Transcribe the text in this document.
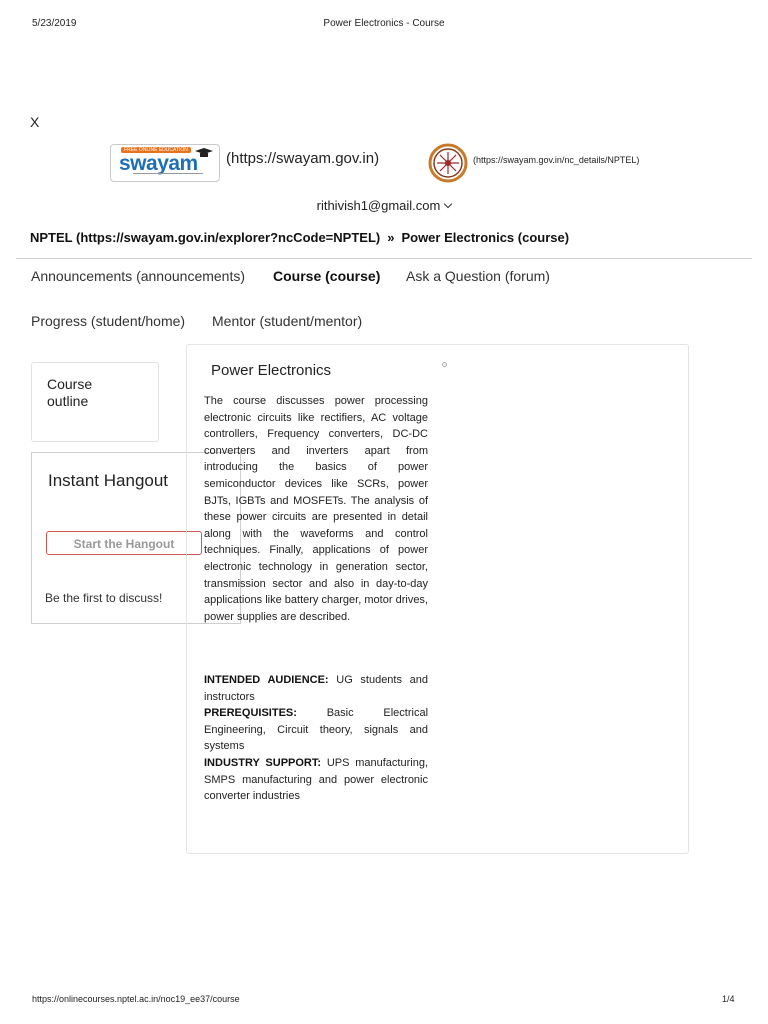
5/23/2019	Power Electronics - Course
X
FREE ONLINE EDUCATION
swayam (https://swayam.gov.in)	(https://swayam.gov.in/nc_details/NPTEL)
rithivish1@gmail.com
NPTEL (https://swayam.gov.in/explorer?ncCode=NPTEL) » Power Electronics (course)
Announcements (announcements) Course (course) Ask a Question (forum)
Progress (student/home) Mentor (student/mentor)
Course outline
Instant Hangout
Start the Hangout
Be the first to discuss!
Power Electronics

The course discusses power processing electronic circuits like rectifiers, AC voltage controllers, Frequency converters, DC-DC converters and inverters apart from introducing the basics of power semiconductor devices like SCRs, power BJTs, IGBTs and MOSFETs. The analysis of these power circuits are presented in detail along with the waveforms and control techniques. Finally, applications of power electronic technology in generation sector, transmission sector and also in day-to-day applications like battery charger, motor drives, power supplies are described.

INTENDED AUDIENCE: UG students and instructors

PREREQUISITES:	Basic Electrical Engineering, Circuit theory, signals and systems

INDUSTRY SUPPORT: UPS manufacturing, SMPS manufacturing and power electronic converter industries

https://onlinecourses.nptel.ac.in/noc19_ee37/course	1/4
